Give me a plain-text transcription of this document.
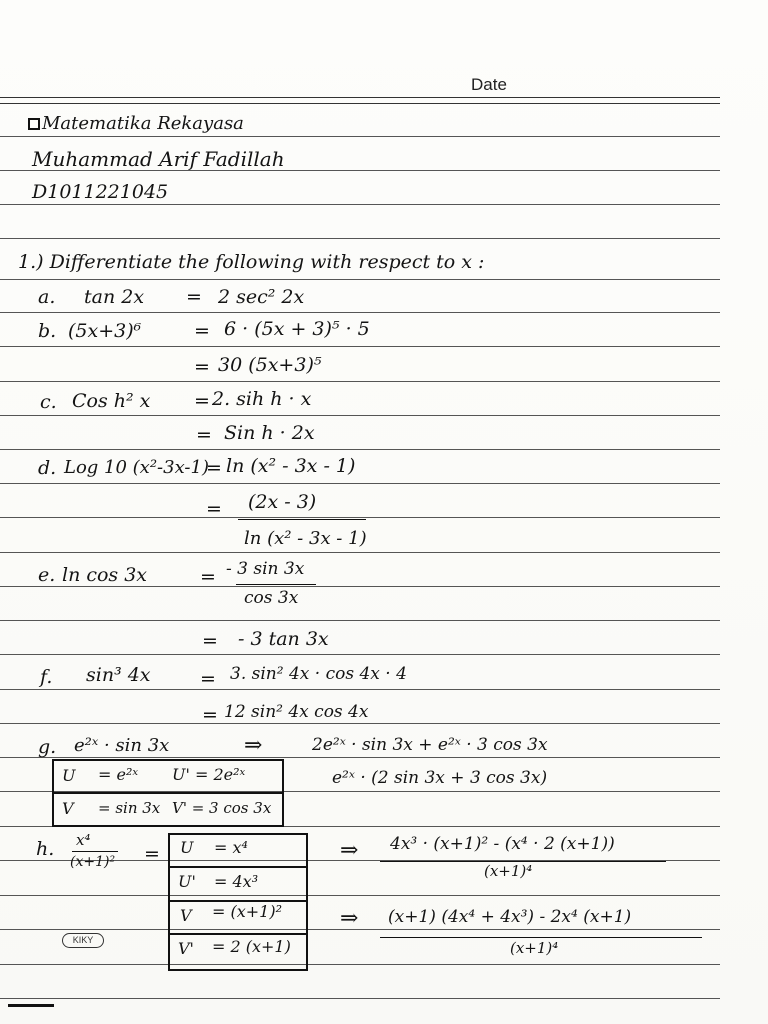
Date
Matematika Rekayasa
Muhammad Arif Fadillah
D1011221045
1.) Differentiate the following with respect to x :
a. tan 2x = 2 sec² 2x
b. (5x+3)⁶	= 6 · (5x + 3)⁵ · 5
= 30 (5x+3)⁵
c. Cos h² x = 2. sih h · x
= Sin h · 2x
d. Log 10 (x²-3x-1)
= ln (x² - 3x - 1)
= (2x - 3)
ln (x² - 3x - 1)
e. ln cos 3x	= - 3 sin 3x
cos 3x
= - 3 tan 3x
f. sin³ 4x	= 3. sin² 4x · cos 4x · 4
= 12 sin² 4x cos 4x
g. e²ˣ · sin 3x	⇒	2e²ˣ · sin 3x + e²ˣ · 3 cos 3x
e²ˣ · (2 sin 3x + 3 cos 3x)
U = e²ˣ U' = 2e²ˣ
V = sin 3x V' = 3 cos 3x
h. x⁴
(x+1)² = U = x⁴
U' = 4x³
V = (x+1)²
V' = 2 (x+1)
⇒ 4x³ · (x+1)² - (x⁴ · 2 (x+1))
(x+1)⁴
⇒ (x+1) (4x⁴ + 4x³) - 2x⁴ (x+1)
(x+1)⁴
KIKY
